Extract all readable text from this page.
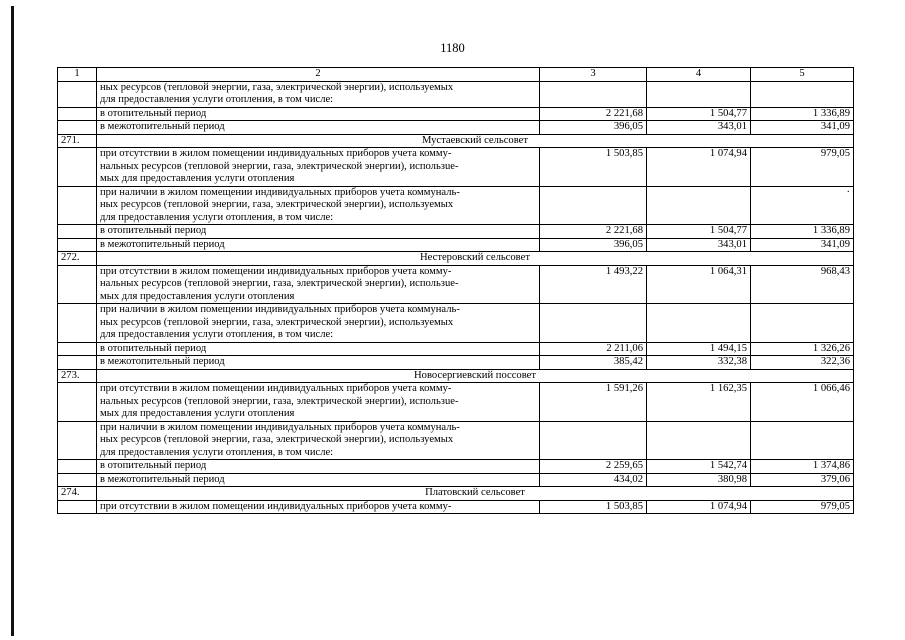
1180
1	2	3	4	5

	ных ресурсов (тепловой энергии, газа, электрической энергии), используемых
для предоставления услуги отопления, в том числе:			

	в отопительный период	2 221,68	1 504,77	1 336,89
	в межотопительный период	396,05	343,01	341,09
271.	Мустаевский сельсовет			

	при отсутствии в жилом помещении индивидуальных приборов учета комму-
нальных ресурсов (тепловой энергии, газа, электрической энергии), использue-
мых для предоставления услуги отопления	1 503,85	1 074,94	979,05

	при наличии в жилом помещении индивидуальных приборов учета коммуналь-
ных ресурсов (тепловой энергии, газа, электрической энергии), используемых
для предоставления услуги отопления, в том числе:			·
	в отопительный период	2 221,68	1 504,77	1 336,89
	в межотопительный период	396,05	343,01	341,09
272.	Нестеровский сельсовет			

	при отсутствии в жилом помещении индивидуальных приборов учета комму-
нальных ресурсов (тепловой энергии, газа, электрической энергии), использue-
мых для предоставления услуги отопления	1 493,22	1 064,31	968,43

	при наличии в жилом помещении индивидуальных приборов учета коммуналь-
ных ресурсов (тепловой энергии, газа, электрической энергии), используемых
для предоставления услуги отопления, в том числе:			

	в отопительный период	2 211,06	1 494,15	1 326,26
	в межотопительный период	385,42	332,38	322,36
273.	Новосергиевский поссовет			

	при отсутствии в жилом помещении индивидуальных приборов учета комму-
нальных ресурсов (тепловой энергии, газа, электрической энергии), использue-
мых для предоставления услуги отопления	1 591,26	1 162,35	1 066,46

	при наличии в жилом помещении индивидуальных приборов учета коммуналь-
ных ресурсов (тепловой энергии, газа, электрической энергии), используемых
для предоставления услуги отопления, в том числе:			

	в отопительный период	2 259,65	1 542,74	1 374,86
	в межотопительный период	434,02	380,98	379,06
274.	Платовский сельсовет			

	при отсутствии в жилом помещении индивидуальных приборов учета комму-	1 503,85	1 074,94	979,05
